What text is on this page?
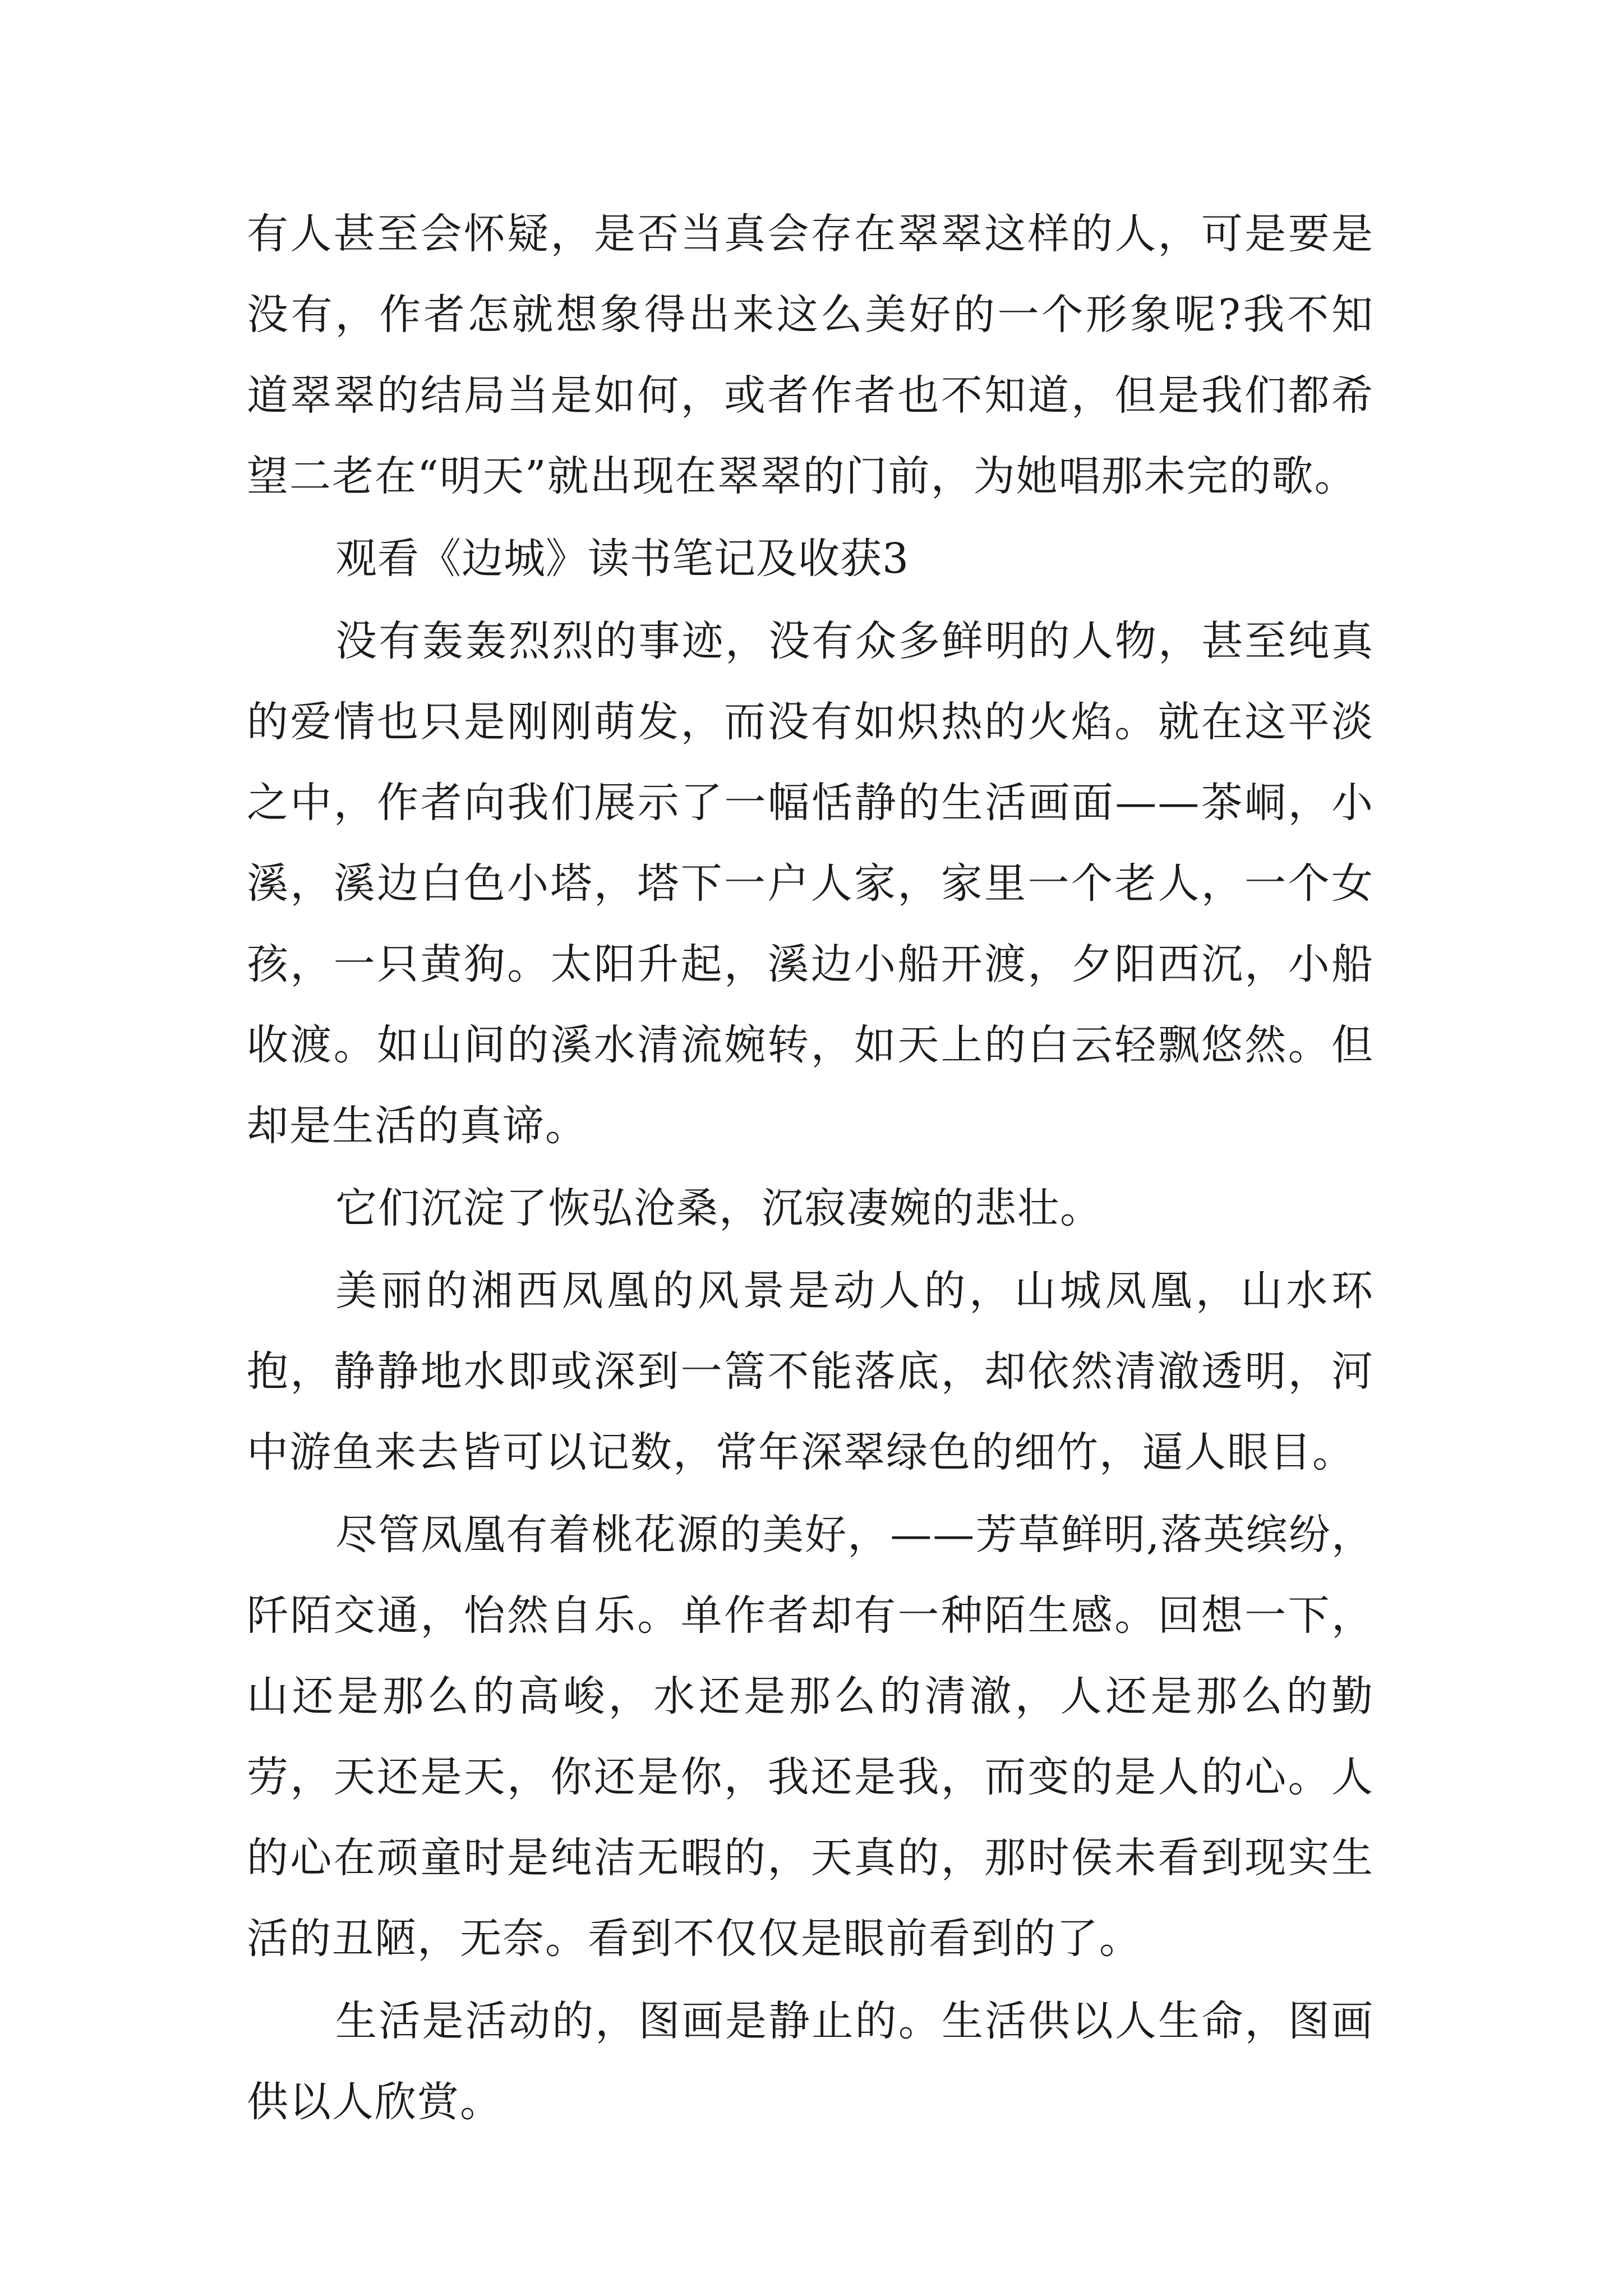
有人甚至会怀疑，是否当真会存在翠翠这样的人，可是要是没有，作者怎就想象得出来这么美好的一个形象呢?我不知道翠翠的结局当是如何，或者作者也不知道，但是我们都希望二老在“明天”就出现在翠翠的门前，为她唱那未完的歌。

观看《边城》读书笔记及收获3

没有轰轰烈烈的事迹，没有众多鲜明的人物，甚至纯真的爱情也只是刚刚萌发，而没有如炽热的火焰。就在这平淡之中，作者向我们展示了一幅恬静的生活画面——茶峒，小溪，溪边白色小塔，塔下一户人家，家里一个老人，一个女孩，一只黄狗。太阳升起，溪边小船开渡，夕阳西沉，小船收渡。如山间的溪水清流婉转，如天上的白云轻飘悠然。但却是生活的真谛。

它们沉淀了恢弘沧桑，沉寂凄婉的悲壮。

美丽的湘西凤凰的风景是动人的，山城凤凰，山水环抱，静静地水即或深到一篙不能落底，却依然清澈透明，河中游鱼来去皆可以记数，常年深翠绿色的细竹，逼人眼目。

尽管凤凰有着桃花源的美好，——芳草鲜明,落英缤纷，阡陌交通，怡然自乐。单作者却有一种陌生感。回想一下，山还是那么的高峻，水还是那么的清澈，人还是那么的勤劳，天还是天，你还是你，我还是我，而变的是人的心。人的心在顽童时是纯洁无暇的，天真的，那时侯未看到现实生活的丑陋，无奈。看到不仅仅是眼前看到的了。

生活是活动的，图画是静止的。生活供以人生命，图画供以人欣赏。
